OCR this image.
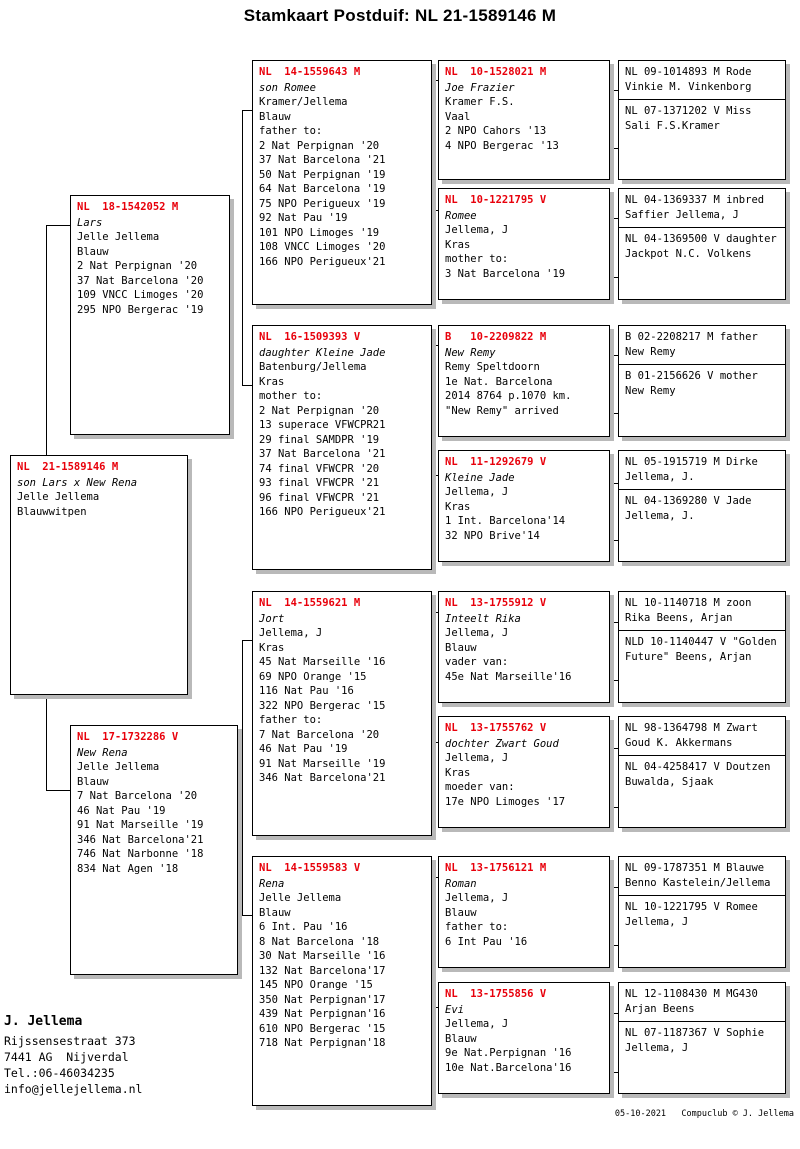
Stamkaart Postduif: NL 21-1589146 M
NL  21-1589146 M
son Lars x New Rena
Jelle Jellema
Blauwwitpen
NL  18-1542052 M
Lars
Jelle Jellema
Blauw
2 Nat Perpignan '20
37 Nat Barcelona '20
109 VNCC Limoges '20
295 NPO Bergerac '19
NL  17-1732286 V
New Rena
Jelle Jellema
Blauw
7 Nat Barcelona '20
46 Nat Pau '19
91 Nat Marseille '19
346 Nat Barcelona'21
746 Nat Narbonne '18
834 Nat Agen '18
NL  14-1559643 M
son Romee
Kramer/Jellema
Blauw
father to:
2 Nat Perpignan '20
37 Nat Barcelona '21
50 Nat Perpignan '19
64 Nat Barcelona '19
75 NPO Perigueux '19
92 Nat Pau '19
101 NPO Limoges '19
108 VNCC Limoges '20
166 NPO Perigueux'21
NL  16-1509393 V
daughter Kleine Jade
Batenburg/Jellema
Kras
mother to:
2 Nat Perpignan '20
13 superace VFWCPR21
29 final SAMDPR '19
37 Nat Barcelona '21
74 final VFWCPR '20
93 final VFWCPR '21
96 final VFWCPR '21
166 NPO Perigueux'21
NL  14-1559621 M
Jort
Jellema, J
Kras
45 Nat Marseille '16
69 NPO Orange '15
116 Nat Pau '16
322 NPO Bergerac '15
father to:
7 Nat Barcelona '20
46 Nat Pau '19
91 Nat Marseille '19
346 Nat Barcelona'21
NL  14-1559583 V
Rena
Jelle Jellema
Blauw
6 Int. Pau '16
8 Nat Barcelona '18
30 Nat Marseille '16
132 Nat Barcelona'17
145 NPO Orange '15
350 Nat Perpignan'17
439 Nat Perpignan'16
610 NPO Bergerac '15
718 Nat Perpignan'18
NL  10-1528021 M
Joe Frazier
Kramer F.S.
Vaal
2 NPO Cahors '13
4 NPO Bergerac '13
NL  10-1221795 V
Romee
Jellema, J
Kras
mother to:
3 Nat Barcelona '19
B   10-2209822 M
New Remy
Remy Speltdoorn
1e Nat. Barcelona
2014 8764 p.1070 km.
"New Remy" arrived
NL  11-1292679 V
Kleine Jade
Jellema, J
Kras
1 Int. Barcelona'14
32 NPO Brive'14
NL  13-1755912 V
Inteelt Rika
Jellema, J
Blauw
vader van:
45e Nat Marseille'16
NL  13-1755762 V
dochter Zwart Goud
Jellema, J
Kras
moeder van:
17e NPO Limoges '17
NL  13-1756121 M
Roman
Jellema, J
Blauw
father to:
6 Int Pau '16
NL  13-1755856 V
Evi
Jellema, J
Blauw
9e Nat.Perpignan '16
10e Nat.Barcelona'16
NL 09-1014893 M Rode Vinkie M. Vinkenborg
NL 07-1371202 V Miss Sali F.S.Kramer
NL 04-1369337 M inbred Saffier Jellema, J
NL 04-1369500 V daughter Jackpot N.C. Volkens
B 02-2208217 M father New Remy
B 01-2156626 V mother New Remy
NL 05-1915719 M Dirke Jellema, J.
NL 04-1369280 V Jade Jellema, J.
NL 10-1140718 M zoon Rika Beens, Arjan
NLD 10-1140447 V "Golden Future" Beens, Arjan
NL 98-1364798 M Zwart Goud K. Akkermans
NL 04-4258417 V Doutzen Buwalda, Sjaak
NL 09-1787351 M Blauwe Benno Kastelein/Jellema
NL 10-1221795 V Romee Jellema, J
NL 12-1108430 M MG430 Arjan Beens
NL 07-1187367 V Sophie Jellema, J
J. Jellema
Rijssensestraat 373
7441 AG  Nijverdal
Tel.:06-46034235
info@jellejellema.nl
05-10-2021   Compuclub © J. Jellema
